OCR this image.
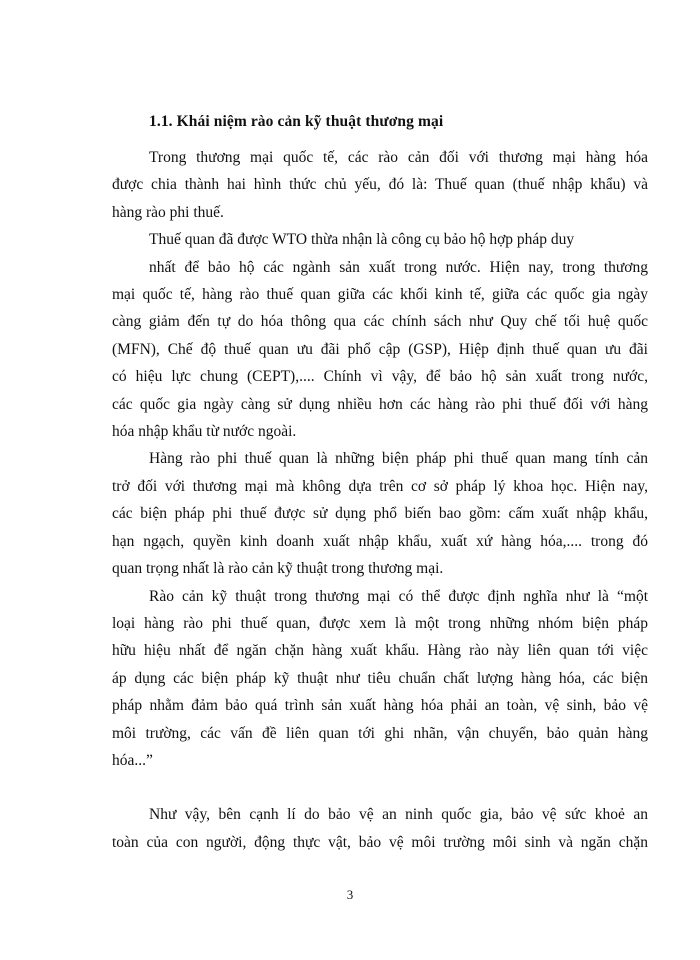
1.1. Khái niệm rào cản kỹ thuật thương mại
Trong thương mại quốc tế, các rào cản đối với thương mại hàng hóa
được chia thành hai hình thức chủ yếu, đó là: Thuế quan (thuế nhập khẩu) và
hàng rào phi thuế.
Thuế quan đã được WTO thừa nhận là công cụ bảo hộ hợp pháp duy
nhất để bảo hộ các ngành sản xuất trong nước. Hiện nay, trong thương
mại quốc tế, hàng rào thuế quan giữa các khối kinh tế, giữa các quốc gia ngày
càng giảm đến tự do hóa thông qua các chính sách như Quy chế tối huệ quốc
(MFN), Chế độ thuế quan ưu đãi phổ cập (GSP), Hiệp định thuế quan ưu đãi
có hiệu lực chung (CEPT),.... Chính vì vậy, để bảo hộ sản xuất trong nước,
các quốc gia ngày càng sử dụng nhiều hơn các hàng rào phi thuế đối với hàng
hóa nhập khẩu từ nước ngoài.
Hàng rào phi thuế quan là những biện pháp phi thuế quan mang tính cản
trở đối với thương mại mà không dựa trên cơ sở pháp lý khoa học. Hiện nay,
các biện pháp phi thuế được sử dụng phổ biến bao gồm: cấm xuất nhập khẩu,
hạn ngạch, quyền kinh doanh xuất nhập khẩu, xuất xứ hàng hóa,.... trong đó
quan trọng nhất là rào cản kỹ thuật trong thương mại.
Rào cản kỹ thuật trong thương mại có thể được định nghĩa như là “một
loại hàng rào phi thuế quan, được xem là một trong những nhóm biện pháp
hữu hiệu nhất để ngăn chặn hàng xuất khẩu. Hàng rào này liên quan tới việc
áp dụng các biện pháp kỹ thuật như tiêu chuẩn chất lượng hàng hóa, các biện
pháp nhằm đảm bảo quá trình sản xuất hàng hóa phải an toàn, vệ sinh, bảo vệ
môi trường, các vấn đề liên quan tới ghi nhãn, vận chuyển, bảo quản hàng
hóa...”
Như vậy, bên cạnh lí do bảo vệ an ninh quốc gia, bảo vệ sức khoẻ an
toàn của con người, động thực vật, bảo vệ môi trường môi sinh và ngăn chặn
3
